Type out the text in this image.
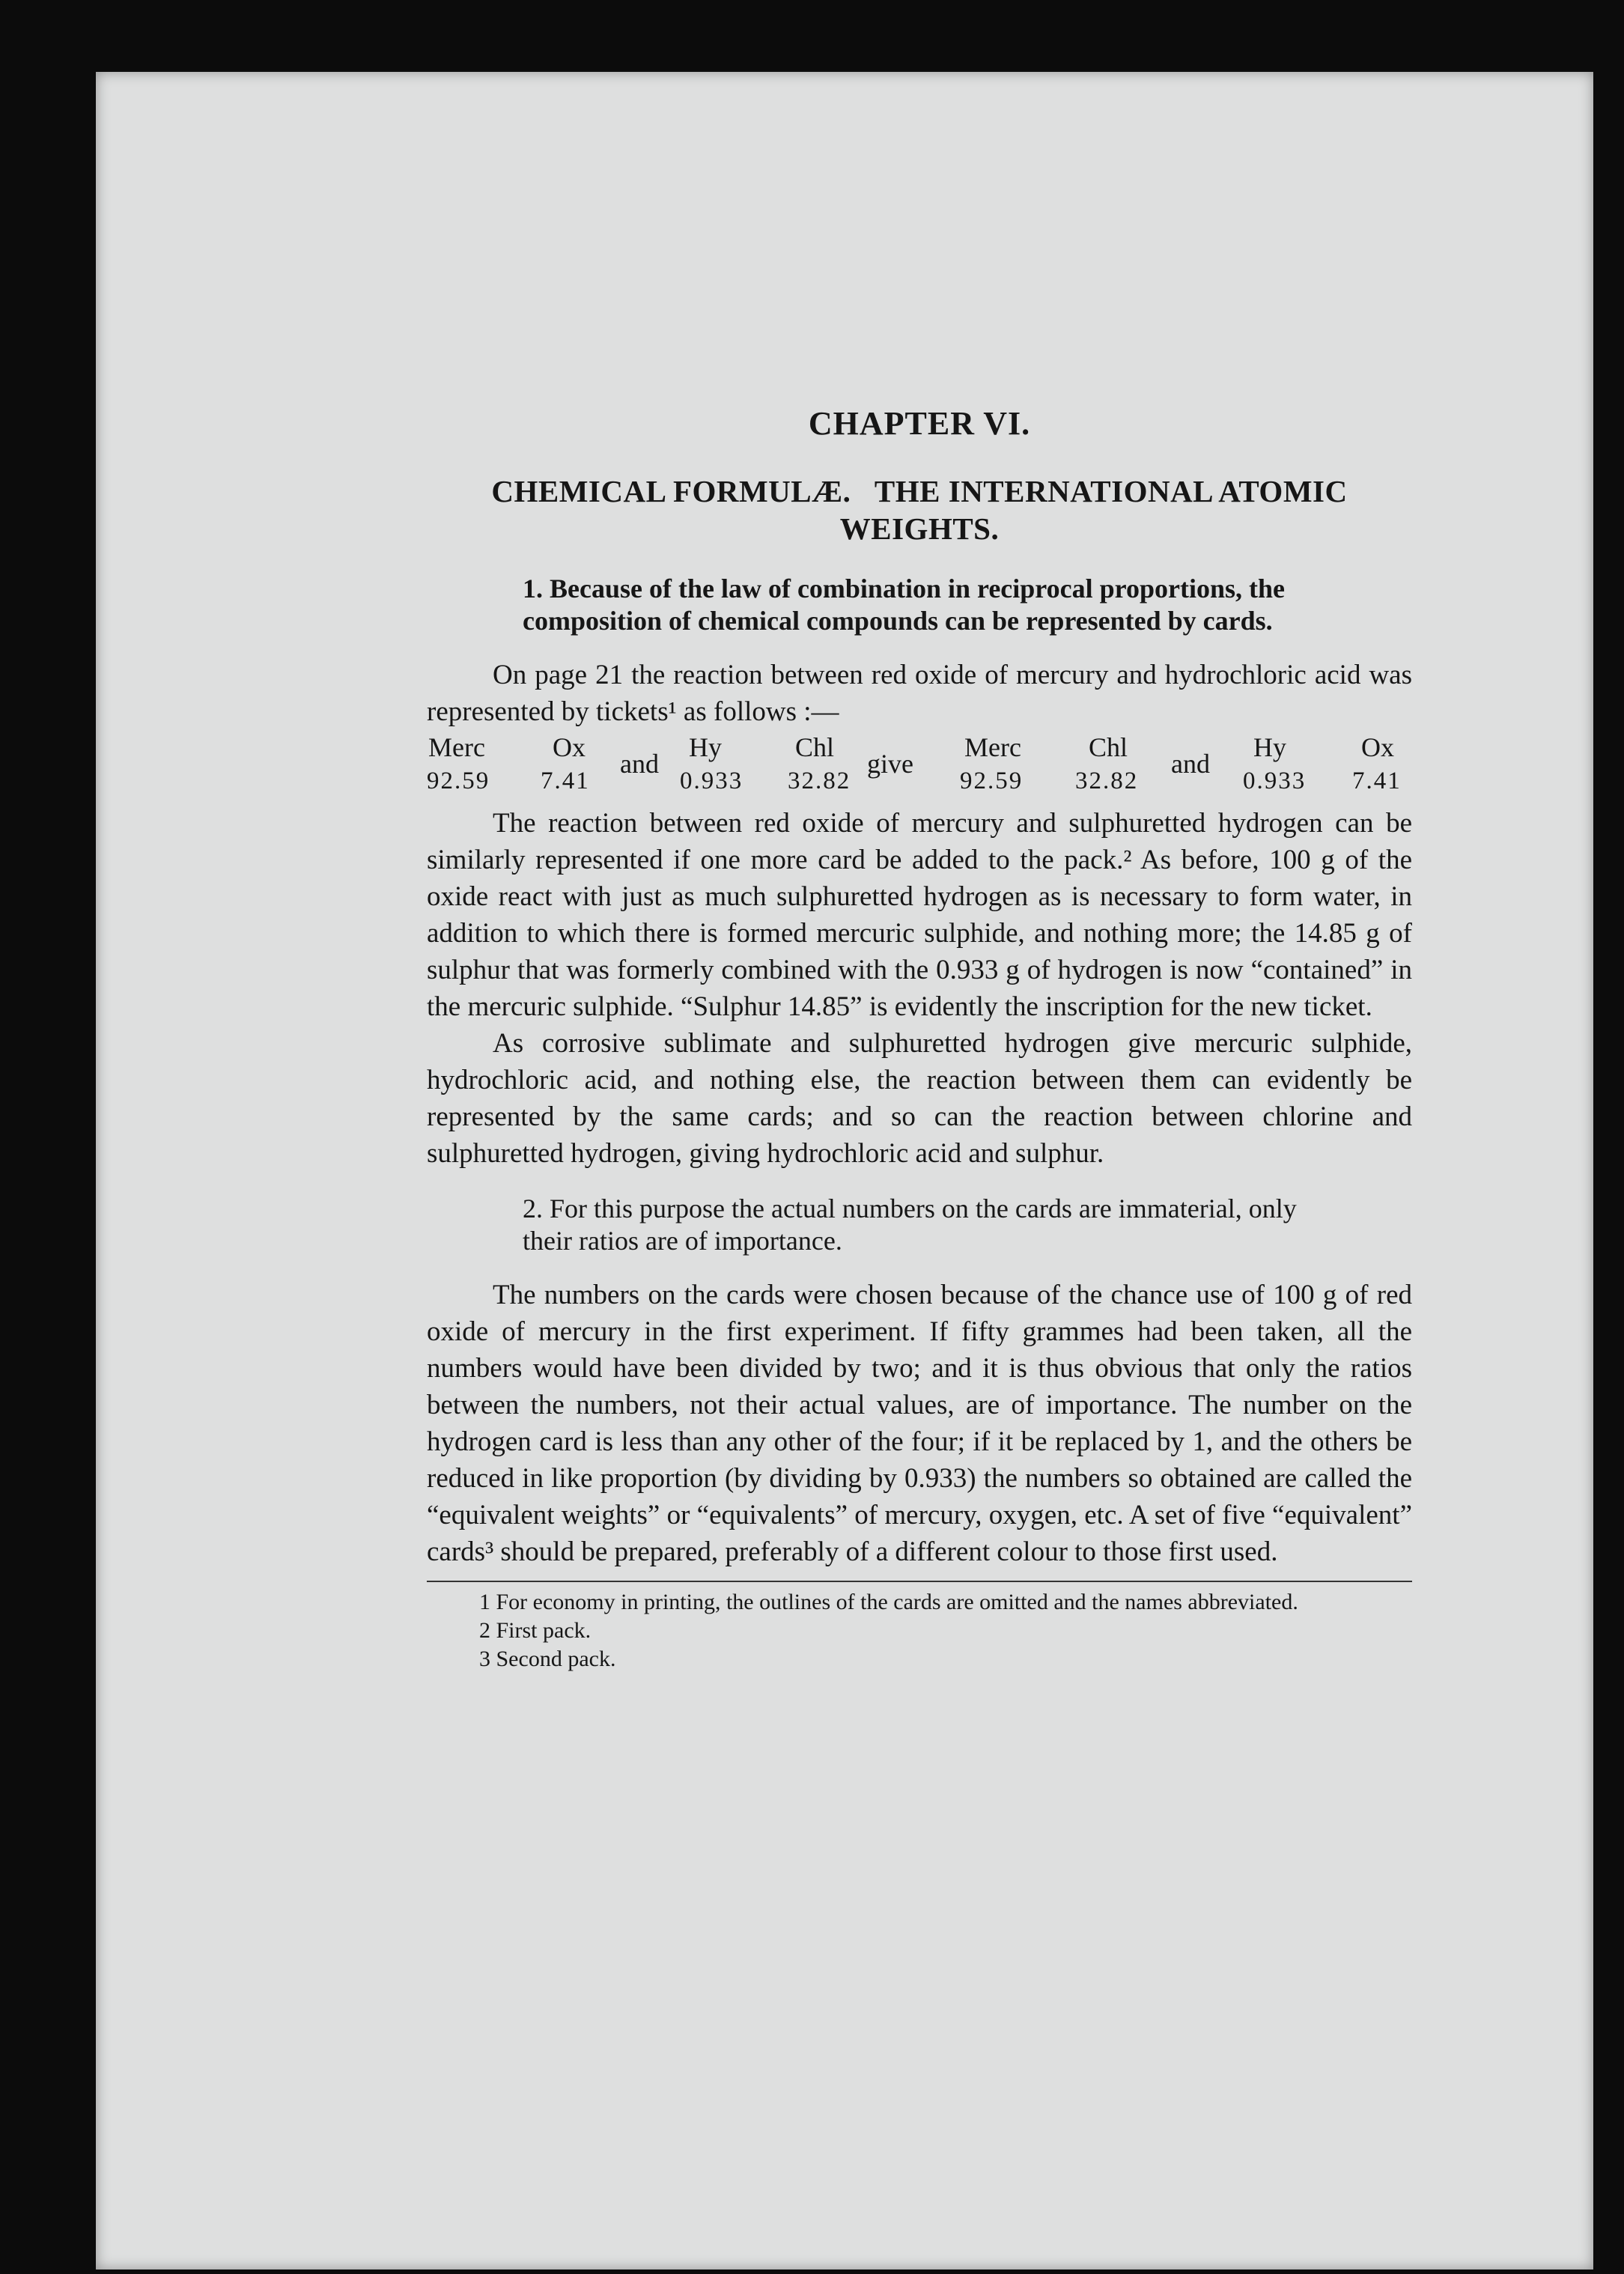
CHAPTER VI.
CHEMICAL FORMULÆ.   THE INTERNATIONAL ATOMIC
WEIGHTS.
1. Because of the law of combination in reciprocal proportions, the composition of chemical compounds can be represented by cards.

On page 21 the reaction between red oxide of mercury and hydrochloric acid was represented by tickets¹ as follows :—

Merc
92.59
Ox
7.41
and
Hy
0.933
Chl
32.82
give
Merc
92.59
Chl
32.82
and
Hy
0.933
Ox
7.41

The reaction between red oxide of mercury and sulphuretted hydrogen can be similarly represented if one more card be added to the pack.² As before, 100 g of the oxide react with just as much sulphuretted hydrogen as is necessary to form water, in addition to which there is formed mercuric sulphide, and nothing more; the 14.85 g of sulphur that was formerly combined with the 0.933 g of hydrogen is now “contained” in the mercuric sulphide. “Sulphur 14.85” is evidently the inscription for the new ticket.

As corrosive sublimate and sulphuretted hydrogen give mercuric sulphide, hydrochloric acid, and nothing else, the reaction between them can evidently be represented by the same cards; and so can the reaction between chlorine and sulphuretted hydrogen, giving hydrochloric acid and sulphur.

2. For this purpose the actual numbers on the cards are immaterial, only their ratios are of importance.

The numbers on the cards were chosen because of the chance use of 100 g of red oxide of mercury in the first experiment. If fifty grammes had been taken, all the numbers would have been divided by two; and it is thus obvious that only the ratios between the numbers, not their actual values, are of importance. The number on the hydrogen card is less than any other of the four; if it be replaced by 1, and the others be reduced in like proportion (by dividing by 0.933) the numbers so obtained are called the “equivalent weights” or “equivalents” of mercury, oxygen, etc. A set of five “equivalent” cards³ should be prepared, preferably of a different colour to those first used.

1 For economy in printing, the outlines of the cards are omitted and the names abbreviated.

2 First pack.

3 Second pack.
